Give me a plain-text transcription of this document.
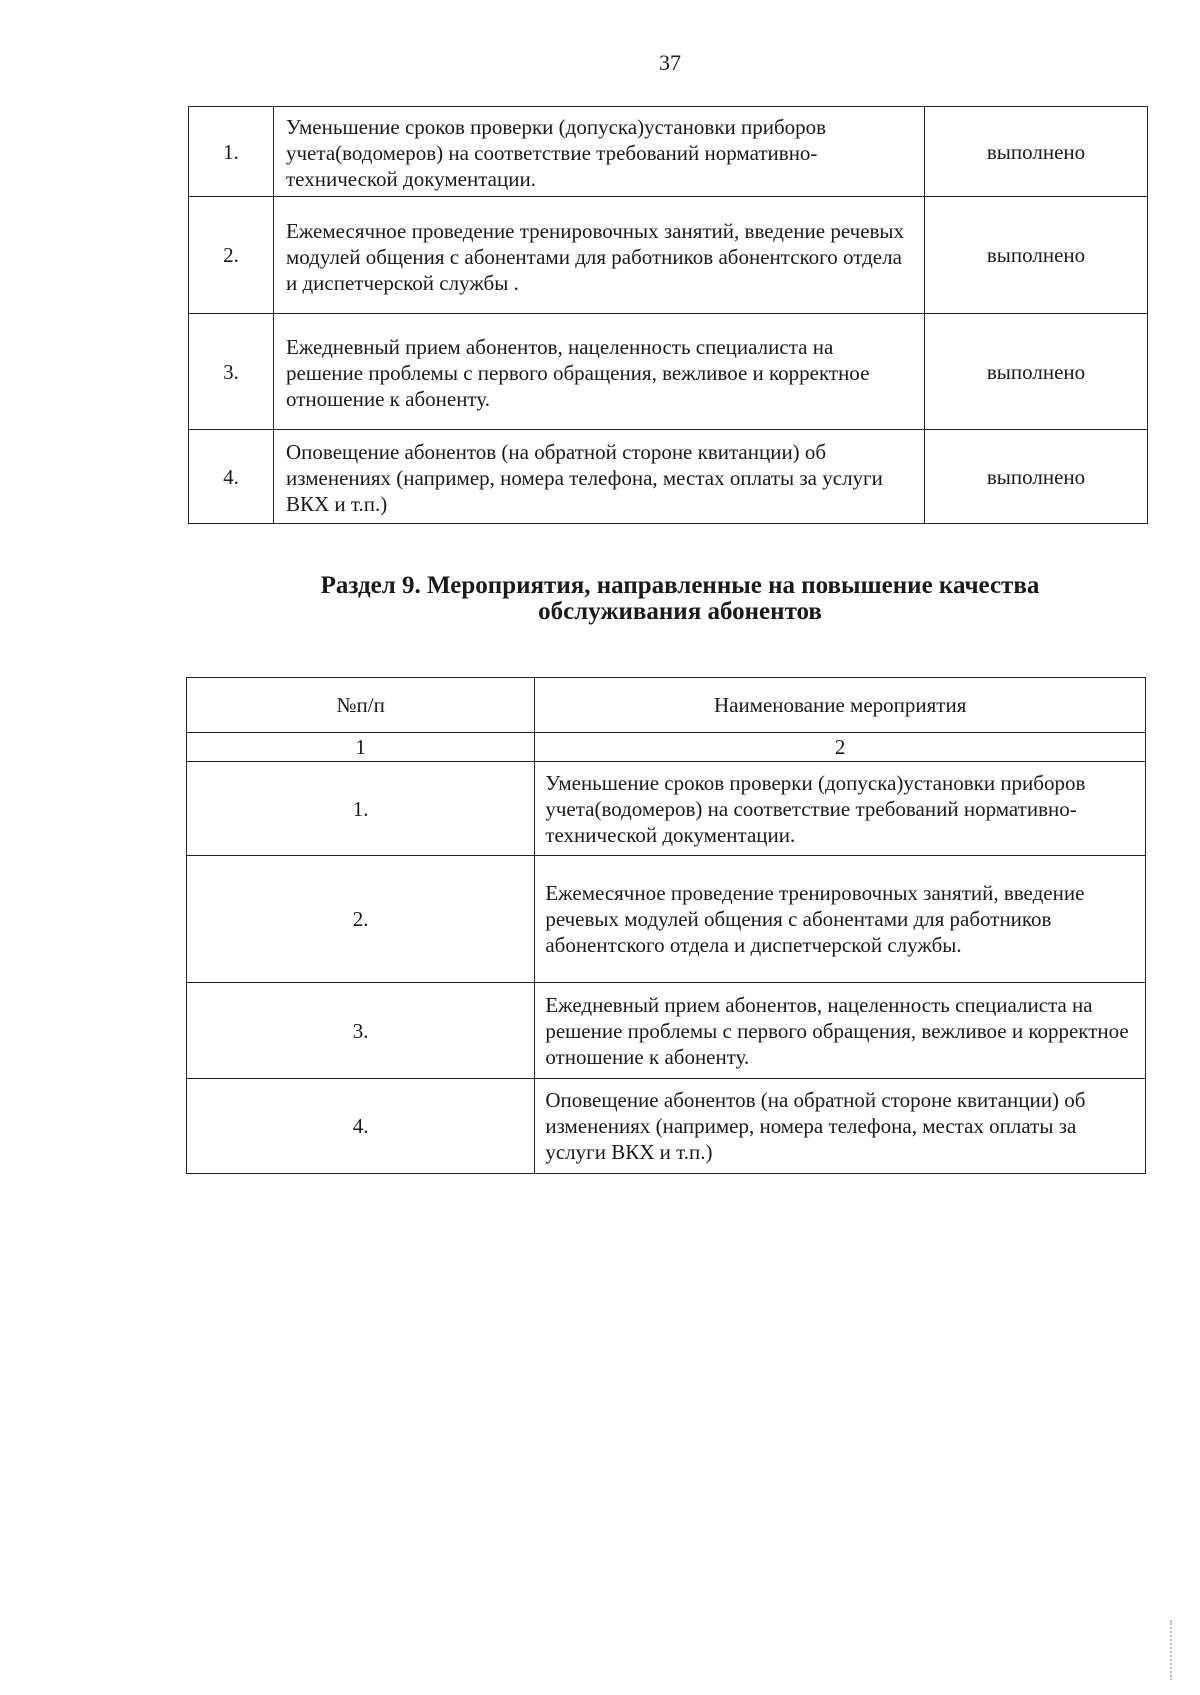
37
1.	Уменьшение сроков проверки (допуска)установки приборов учета(водомеров) на соответствие требований нормативно-технической документации.	выполнено
2.	Ежемесячное проведение тренировочных занятий, введение речевых модулей общения с абонентами для работников абонентского отдела и диспетчерской службы .	выполнено
3.	Ежедневный прием абонентов, нацеленность специалиста на решение проблемы с первого обращения, вежливое и корректное отношение к абоненту.	выполнено
4.	Оповещение абонентов (на обратной стороне квитанции) об изменениях (например, номера телефона, местах оплаты за услуги ВКХ и т.п.)	выполнено
Раздел 9. Мероприятия, направленные на повышение качества
обслуживания абонентов
№п/п	Наименование мероприятия
1	2
1.	Уменьшение сроков проверки (допуска)установки приборов учета(водомеров) на соответствие требований нормативно-технической документации.
2.	Ежемесячное проведение тренировочных занятий, введение речевых модулей общения с абонентами для работников абонентского отдела и диспетчерской службы.
3.	Ежедневный прием абонентов, нацеленность специалиста на решение проблемы с первого обращения, вежливое и корректное отношение к абоненту.
4.	Оповещение абонентов (на обратной стороне квитанции) об изменениях (например, номера телефона, местах оплаты за услуги ВКХ и т.п.)
